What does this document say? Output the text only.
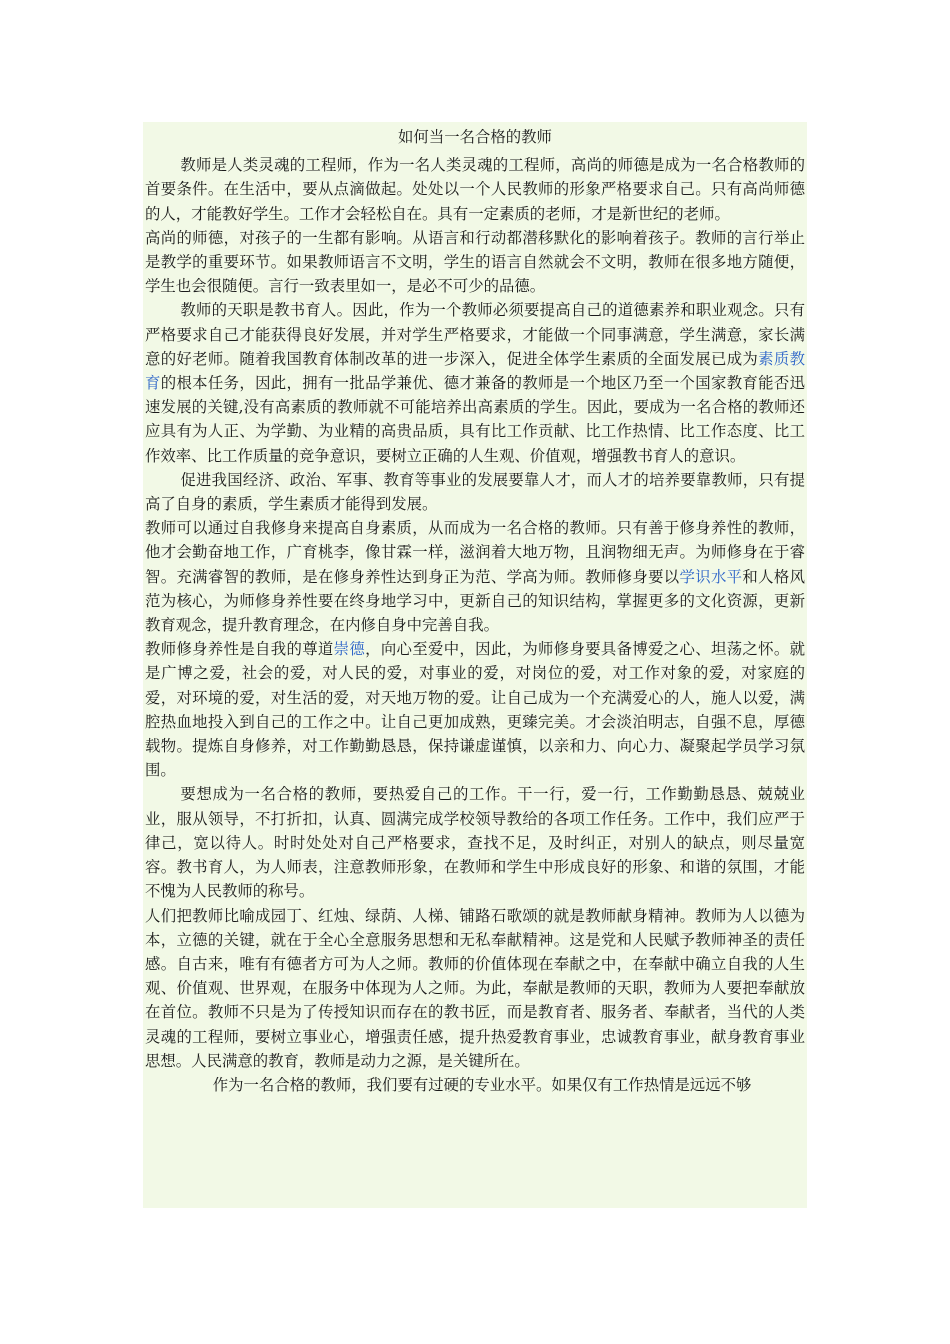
如何当一名合格的教师
教师是人类灵魂的工程师，作为一名人类灵魂的工程师，高尚的师德是成为一名合格教师的首要条件。在生活中，要从点滴做起。处处以一个人民教师的形象严格要求自己。只有高尚师德的人，才能教好学生。工作才会轻松自在。具有一定素质的老师，才是新世纪的老师。
高尚的师德，对孩子的一生都有影响。从语言和行动都潜移默化的影响着孩子。教师的言行举止是教学的重要环节。如果教师语言不文明，学生的语言自然就会不文明，教师在很多地方随便，学生也会很随便。言行一致表里如一，是必不可少的品德。
教师的天职是教书育人。因此，作为一个教师必须要提高自己的道德素养和职业观念。只有严格要求自己才能获得良好发展，并对学生严格要求，才能做一个同事满意，学生满意，家长满意的好老师。随着我国教育体制改革的进一步深入，促进全体学生素质的全面发展已成为素质教育的根本任务，因此，拥有一批品学兼优、德才兼备的教师是一个地区乃至一个国家教育能否迅速发展的关键,没有高素质的教师就不可能培养出高素质的学生。因此，要成为一名合格的教师还应具有为人正、为学勤、为业精的高贵品质，具有比工作贡献、比工作热情、比工作态度、比工作效率、比工作质量的竞争意识，要树立正确的人生观、价值观，增强教书育人的意识。
促进我国经济、政治、军事、教育等事业的发展要靠人才，而人才的培养要靠教师，只有提高了自身的素质，学生素质才能得到发展。
教师可以通过自我修身来提高自身素质，从而成为一名合格的教师。只有善于修身养性的教师，他才会勤奋地工作，广育桃李，像甘霖一样，滋润着大地万物，且润物细无声。为师修身在于睿智。充满睿智的教师，是在修身养性达到身正为范、学高为师。教师修身要以学识水平和人格风范为核心，为师修身养性要在终身地学习中，更新自己的知识结构，掌握更多的文化资源，更新教育观念，提升教育理念，在内修自身中完善自我。
教师修身养性是自我的尊道崇德，向心至爱中，因此，为师修身要具备博爱之心、坦荡之怀。就是广博之爱，社会的爱，对人民的爱，对事业的爱，对岗位的爱，对工作对象的爱，对家庭的爱，对环境的爱，对生活的爱，对天地万物的爱。让自己成为一个充满爱心的人，施人以爱，满腔热血地投入到自己的工作之中。让自己更加成熟，更臻完美。才会淡泊明志，自强不息，厚德载物。提炼自身修养，对工作勤勤恳恳，保持谦虚谨慎，以亲和力、向心力、凝聚起学员学习氛围。
要想成为一名合格的教师，要热爱自己的工作。干一行，爱一行，工作勤勤恳恳、兢兢业业，服从领导，不打折扣，认真、圆满完成学校领导教给的各项工作任务。工作中，我们应严于律己，宽以待人。时时处处对自己严格要求，查找不足，及时纠正，对别人的缺点，则尽量宽容。教书育人，为人师表，注意教师形象，在教师和学生中形成良好的形象、和谐的氛围，才能不愧为人民教师的称号。
人们把教师比喻成园丁、红烛、绿荫、人梯、铺路石歌颂的就是教师献身精神。教师为人以德为本，立德的关键，就在于全心全意服务思想和无私奉献精神。这是党和人民赋予教师神圣的责任感。自古来，唯有有德者方可为人之师。教师的价值体现在奉献之中，在奉献中确立自我的人生观、价值观、世界观，在服务中体现为人之师。为此，奉献是教师的天职，教师为人要把奉献放在首位。教师不只是为了传授知识而存在的教书匠，而是教育者、服务者、奉献者，当代的人类灵魂的工程师，要树立事业心，增强责任感，提升热爱教育事业，忠诚教育事业，献身教育事业思想。人民满意的教育，教师是动力之源，是关键所在。
作为一名合格的教师，我们要有过硬的专业水平。如果仅有工作热情是远远不够
